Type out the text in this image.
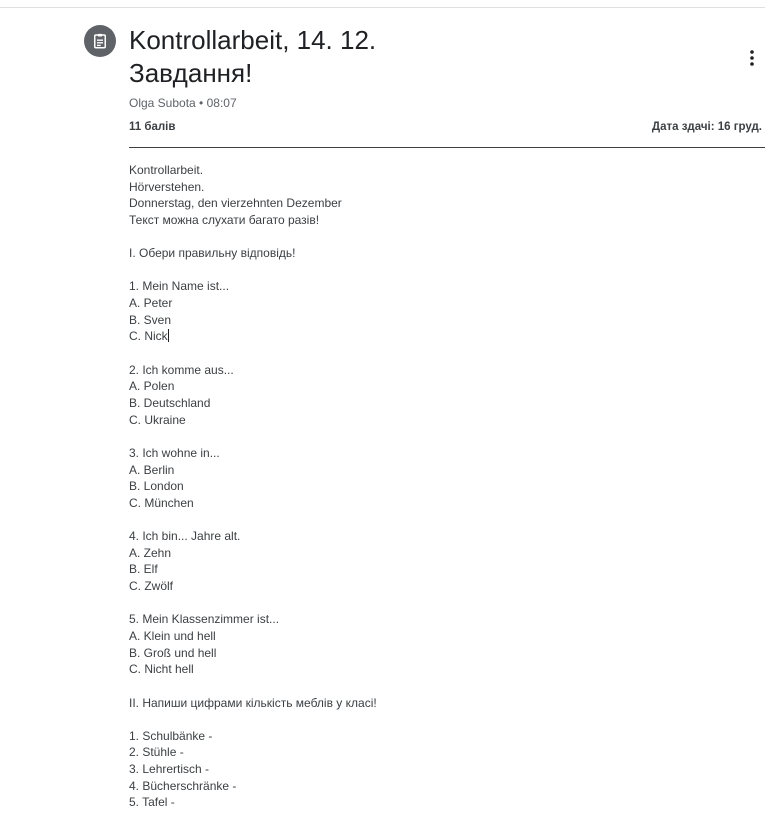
Kontrollarbeit, 14. 12.
Завдання!
Olga Subota • 08:07
11 балів	Дата здачі: 16 груд.
Kontrollarbeit.
Hörverstehen.
Donnerstag, den vierzehnten Dezember
Текст можна слухати багато разів!
I. Обери правильну відповідь!
1. Mein Name ist...
A. Peter
B. Sven
C. Nick
2. Ich komme aus...
A. Polen
B. Deutschland
C. Ukraine
3. Ich wohne in...
A. Berlin
B. London
C. München
4. Ich bin... Jahre alt.
A. Zehn
B. Elf
C. Zwölf
5. Mein Klassenzimmer ist...
A. Klein und hell
B. Groß und hell
C. Nicht hell
II. Напиши цифрами кількість меблів у класі!
1. Schulbänke -
2. Stühle -
3. Lehrertisch -
4. Bücherschränke -
5. Tafel -
